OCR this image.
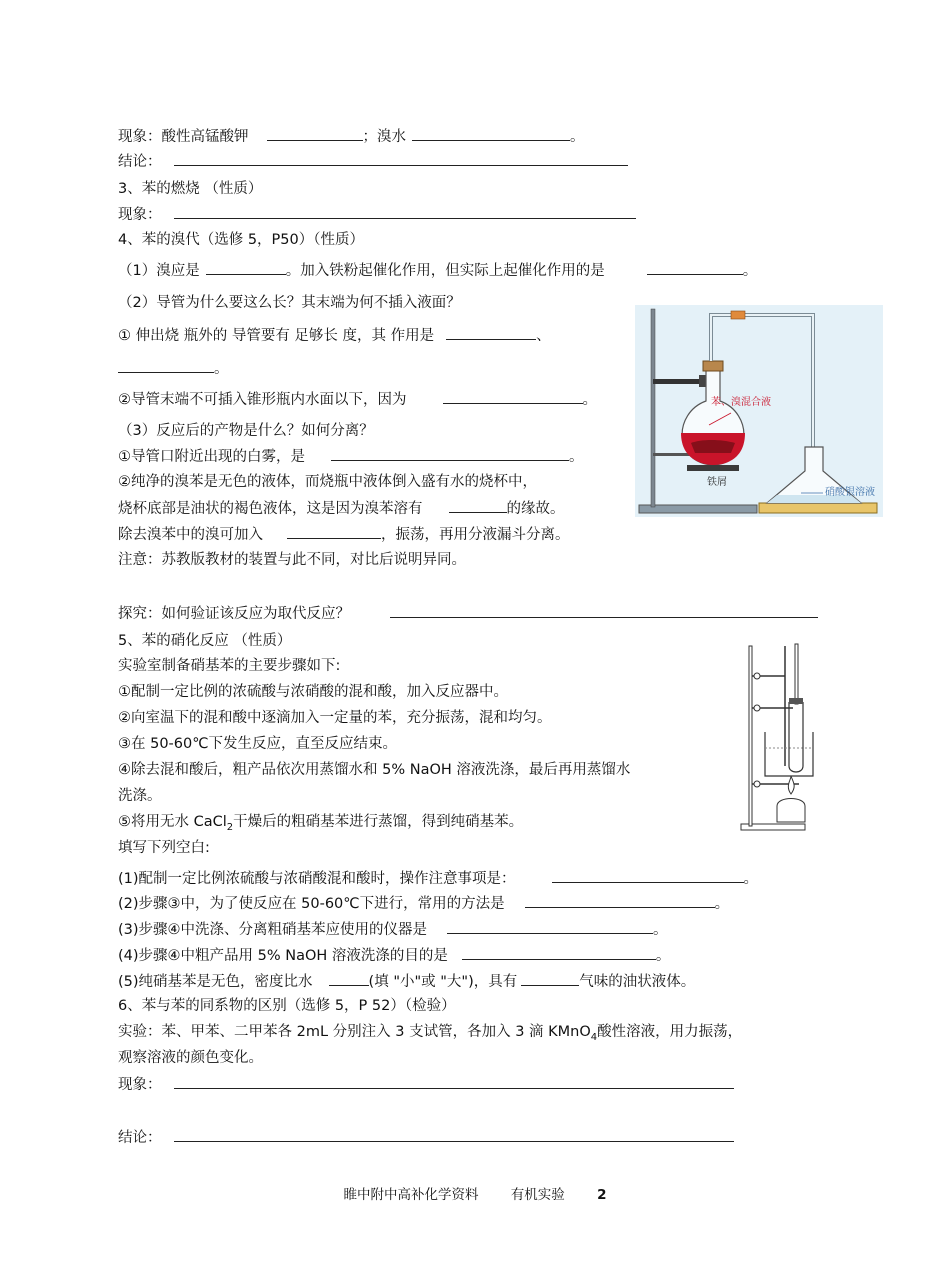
现象：酸性高锰酸钾	；溴水	。
结论：
3、苯的燃烧 （性质）
现象：
4、苯的溴代（选修 5，P50）（性质）
（1）溴应是	。加入铁粉起催化作用，但实际上起催化作用的是	。
（2）导管为什么要这么长？其末端为何不插入液面？
① 伸出烧 瓶外的 导管要有 足够长 度，其 作用是	、
。
②导管末端不可插入锥形瓶内水面以下，因为	。
（3）反应后的产物是什么？如何分离？
①导管口附近出现的白雾，是	。
②纯净的溴苯是无色的液体，而烧瓶中液体倒入盛有水的烧杯中，
烧杯底部是油状的褐色液体，这是因为溴苯溶有	的缘故。
除去溴苯中的溴可加入	，振荡，再用分液漏斗分离。
注意：苏教版教材的装置与此不同，对比后说明异同。
探究：如何验证该反应为取代反应？
5、苯的硝化反应 （性质）
实验室制备硝基苯的主要步骤如下:
①配制一定比例的浓硫酸与浓硝酸的混和酸，加入反应器中。
②向室温下的混和酸中逐滴加入一定量的苯，充分振荡，混和均匀。
③在 50-60℃下发生反应，直至反应结束。
④除去混和酸后，粗产品依次用蒸馏水和 5% NaOH 溶液洗涤，最后再用蒸馏水
洗涤。
⑤将用无水 CaCl$_2$干燥后的粗硝基苯进行蒸馏，得到纯硝基苯。
填写下列空白:
(1)配制一定比例浓硫酸与浓硝酸混和酸时，操作注意事项是：	。
(2)步骤③中，为了使反应在 50-60℃下进行，常用的方法是	。
(3)步骤④中洗涤、分离粗硝基苯应使用的仪器是	。
(4)步骤④中粗产品用 5% NaOH 溶液洗涤的目的是	。
(5)纯硝基苯是无色，密度比水	(填 "小"或 "大")，具有	气味的油状液体。
6、苯与苯的同系物的区别（选修 5，P 52）（检验）
实验：苯、甲苯、二甲苯各 2mL 分别注入 3 支试管，各加入 3 滴 KMnO$_4$酸性溶液，用力振荡，
观察溶液的颜色变化。
现象：
结论：
苯、溴混合液
铁屑
硝酸银溶液
睢中附中高补化学资料 有机实验 2
